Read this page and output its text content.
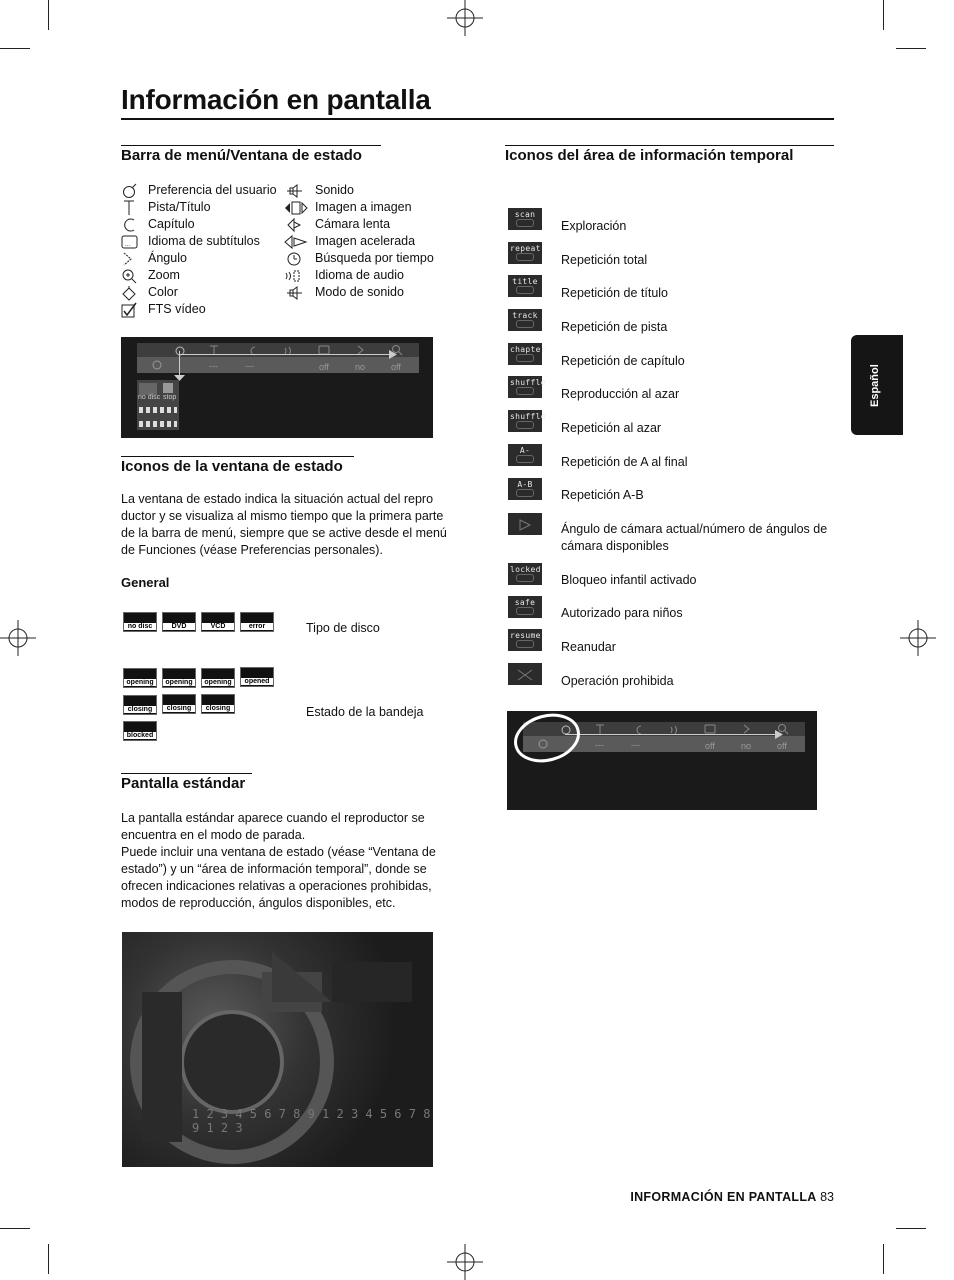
Información en pantalla
Español
Barra de menú/Ventana de estado
Preferencia del usuario
Pista/Título
Capítulo
... Idioma de subtítulos
Ángulo
Zoom
Color
FTS vídeo
Sonido
Imagen a imagen
Cámara lenta
Imagen acelerada
Búsqueda por tiempo
Idioma de audio
Modo de sonido
---	---	off	no	off
no disc stop
Iconos de la ventana de estado
La ventana de estado indica la situación actual del repro ductor y se visualiza al mismo tiempo que la primera parte de la barra de menú, siempre que se active desde el menú de Funciones (véase Preferencias personales).
General
no disc	DVD	VCD	error	Tipo de disco
opening	opening	opening	opened
closing	closing	closing
blocked
Estado de la bandeja
Pantalla estándar
La pantalla estándar aparece cuando el reproductor se encuentra en el modo de parada.
Puede incluir una ventana de estado (véase “Ventana de estado”) y un “área de información temporal”, donde se ofrecen indicaciones relativas a operaciones prohibidas, modos de reproducción, ángulos disponibles, etc.
1 2 3 4 5 6 7 8 9 1 2 3 4 5 6 7 8 9 1 2 3
Iconos del área de información temporal
scan
Exploración
repeat
Repetición total
title
Repetición de título
track
Repetición de pista
chapter
Repetición de capítulo
shuffle
Reproducción al azar
shuffle
Repetición al azar
A-
Repetición de A al final
A-B
Repetición A-B
Ángulo de cámara actual/número de ángulos de cámara disponibles
locked
Bloqueo infantil activado
safe
Autorizado para niños
resume
Reanudar
Operación prohibida
---	---	off	no	off
INFORMACIÓN EN PANTALLA 83
